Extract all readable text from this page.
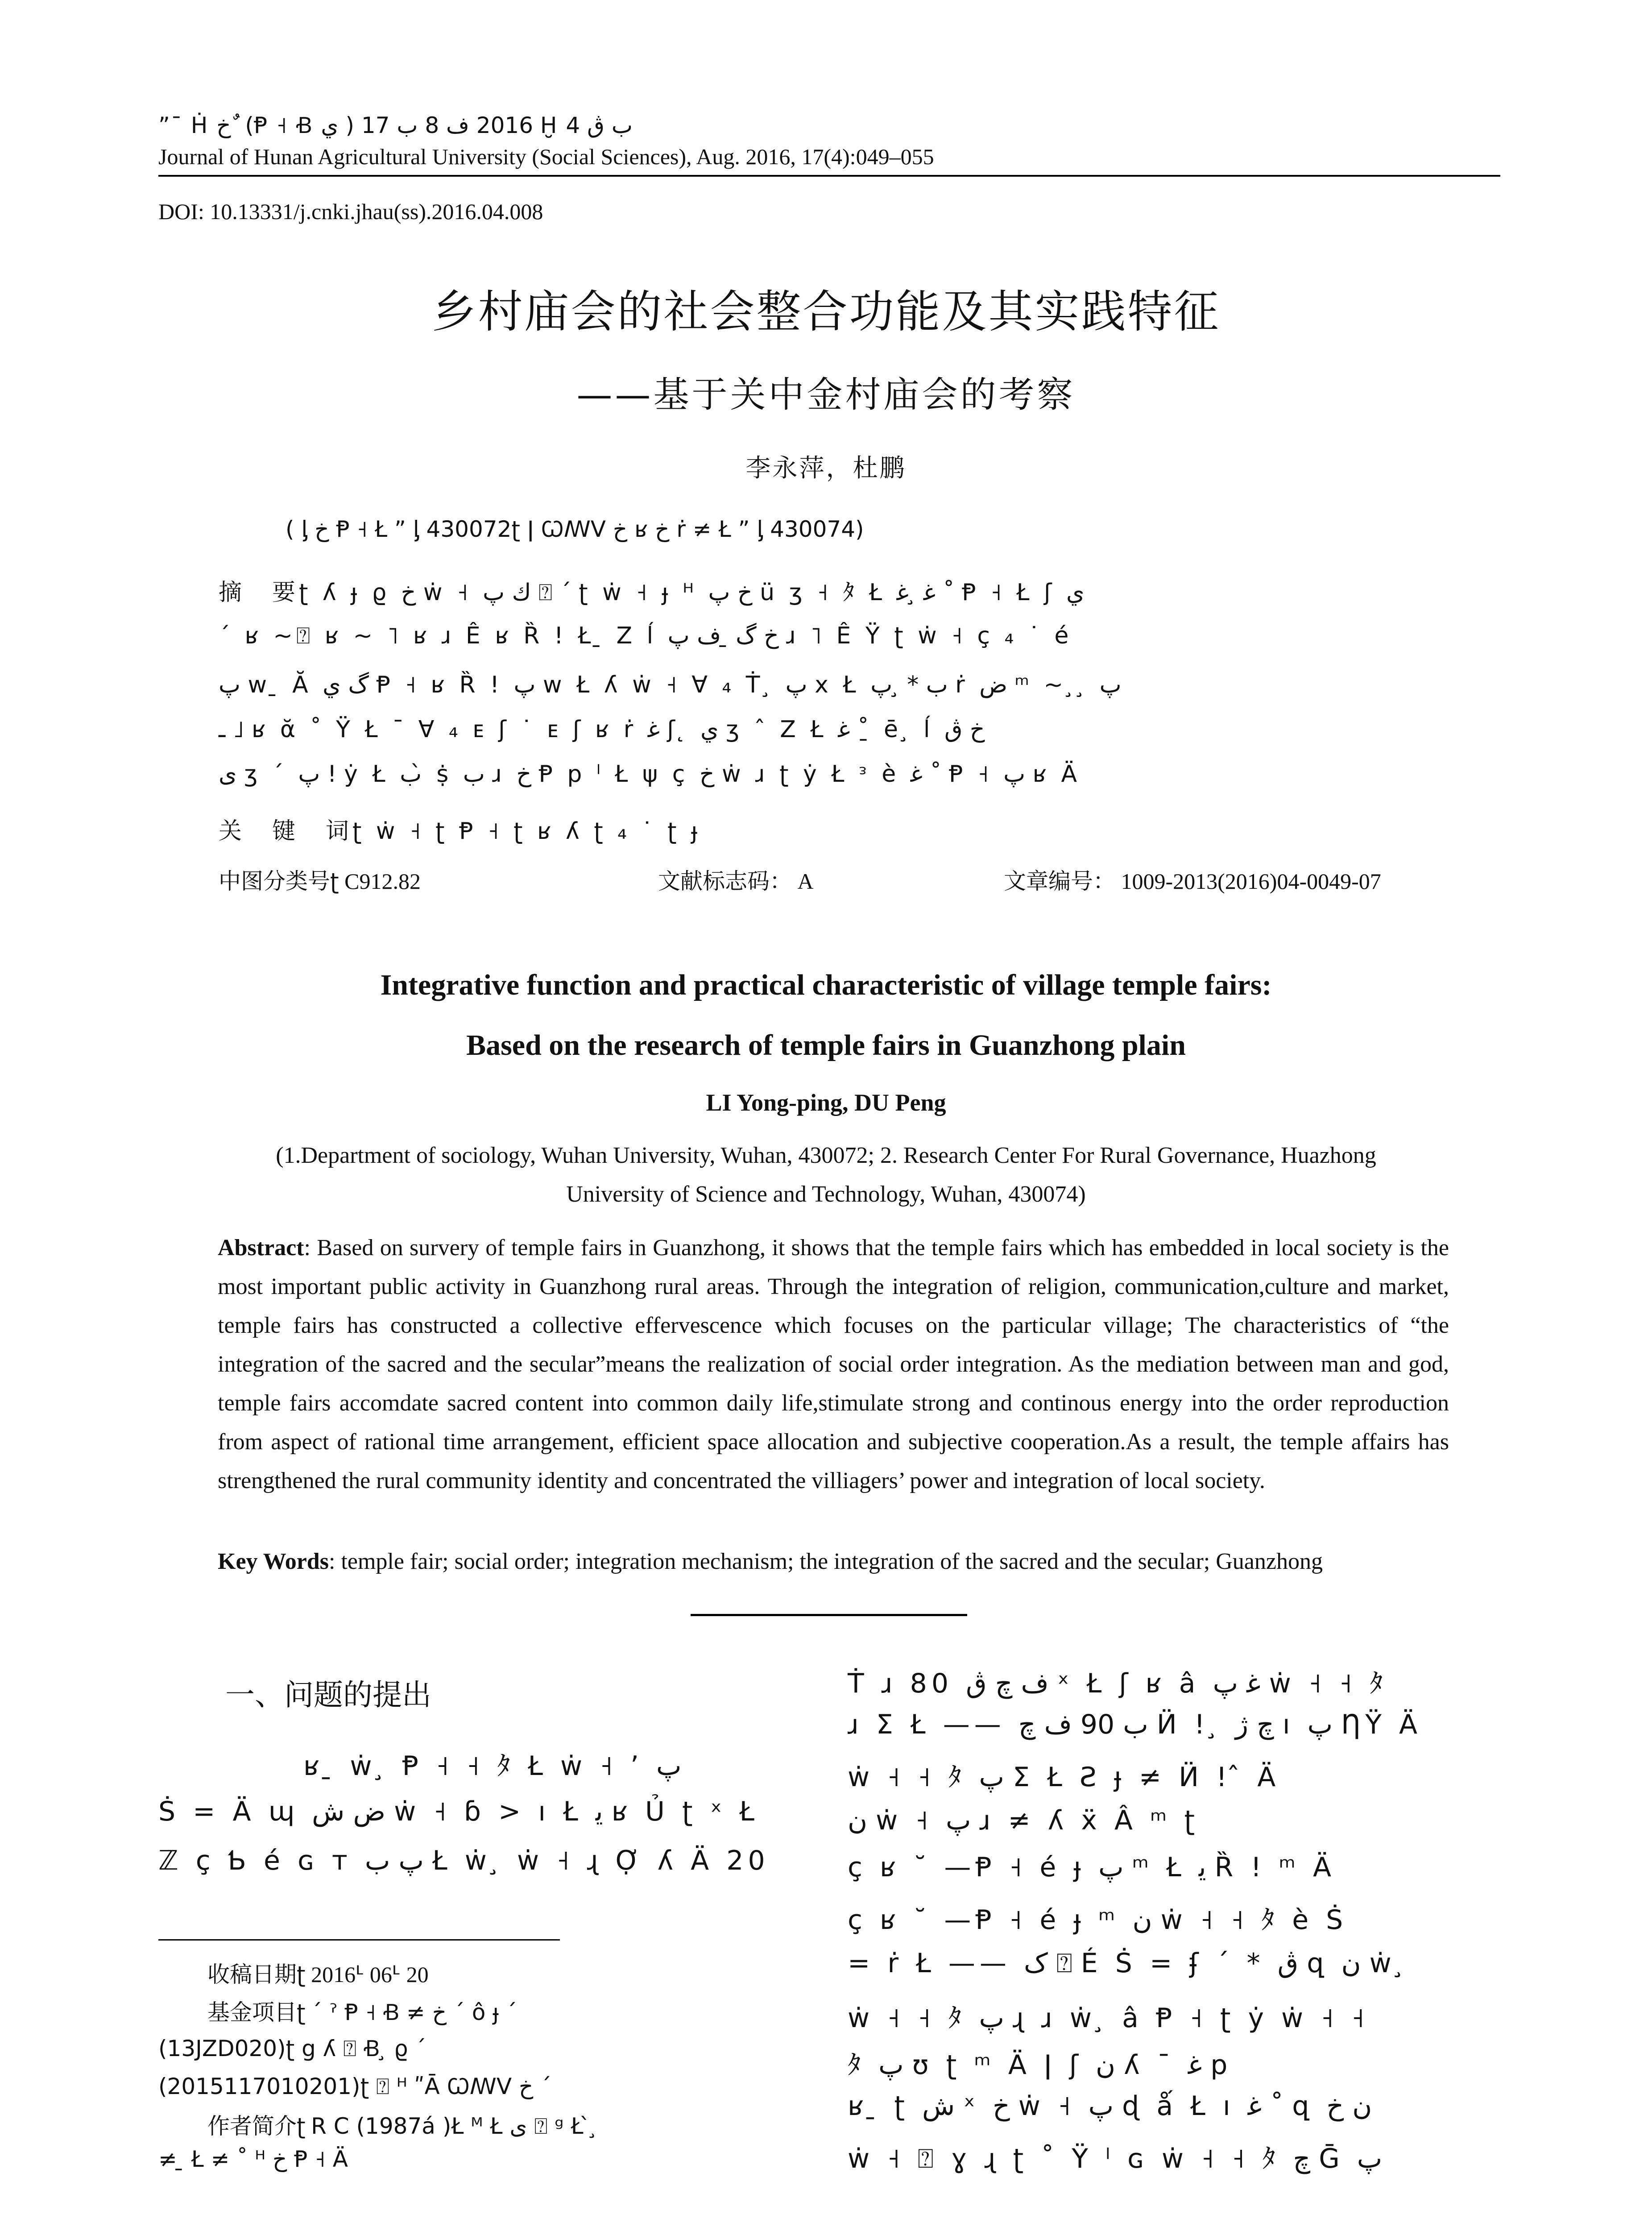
”¯ Ḣ خ ٌ (Ᵽ ˧ Ꞗ ي ) 2016 ف 8 ب 17 Ḫ ب ڨ 4
Journal of Hunan Agricultural University (Social Sciences), Aug. 2016, 17(4):049–055
DOI: 10.13331/j.cnki.jhau(ss).2016.04.008
乡村庙会的社会整合功能及其实践特征
——基于关中金村庙会的考察
李永萍，杜鹏
( ᶅ خ Ᵽ ˧ Ł ” ᶅ 430072ʈ ǀ ꞶꟿV خ ʁ خ ṙ ≠ Ł ” ᶅ 430074)
摘　要ʈ ʎ ɟ ϱ خ ẇ ˧ ك پ ⍰ ´ ʈ ẇ ˧ ɟ ᴴ خ پ ü ʒ ˧ ﾀ Ł ﻏ ̧ ﻏ ˚ Ᵽ ˧ Ł ʃ ي
ˊ ʁ ~⍰ ʁ ~ ˥ ʁ ɹ Ê ʁ Ȑ ! Ł ̱ Z ĺ خ گ ̱ ف پ ɹ ˥ Ê Ÿ ʈ ẇ ˧ ç ₄ ˙ é
پ w ̱ Ă گ ي Ᵽ ˧ ʁ Ȑ ! پ w Ł ʎ ẇ ˧ ∀ ₄ Ṫ ̧ پ ⅹ Ł ب * ̧ پ ṙ ض ᵐ ~ ̧ ̧ پ
ـ ˩ ʁ ᾰ ˚ Ÿ Ł ¯ ∀ ₄ ᴇ ʃ ˙ ᴇ ʃ ʁ ṙ ﻏ ʃ ̨ ي ʒ ˆ Z Ł ﻏ ˚ ̱ ē ̧ ĺ خ ڨ
ﻯ ʒ ˊ پ ! ẏ Ł ب ̀ ṩ ب ɹ خ Ᵽ p ˡ Ł ψ ç خ ẇ ɹ ʈ ẏ Ł ᵌ è ﻏ ˚ Ᵽ ˧ پ ʁ Ä
关　键　词ʈ ẇ ˧ ʈ Ᵽ ˧ ʈ ʁ ʎ ʈ ₄ ˙ ʈ ɟ
中图分类号ʈ C912.82	文献标志码： A	文章编号： 1009-2013(2016)04-0049-07
Integrative function and practical characteristic of village temple fairs:
Based on the research of temple fairs in Guanzhong plain
LI Yong-ping, DU Peng
(1.Department of sociology, Wuhan University, Wuhan, 430072; 2. Research Center For Rural Governance, Huazhong
University of Science and Technology, Wuhan, 430074)
Abstract: Based on survery of temple fairs in Guanzhong, it shows that the temple fairs which has embedded in local society is the most important public activity in Guanzhong rural areas. Through the integration of religion, communication,culture and market, temple fairs has constructed a collective effervescence which focuses on the particular village; The characteristics of “the integration of the sacred and the secular”means the realization of social order integration. As the mediation between man and god, temple fairs accomdate sacred content into common daily life,stimulate strong and continous energy into the order reproduction from aspect of rational time arrangement, efficient space allocation and subjective cooperation.As a result, the temple affairs has strengthened the rural community identity and concentrated the villiagers’ power and integration of local society.
Key Words: temple fair; social order; integration mechanism; the integration of the sacred and the secular; Guanzhong
一、问题的提出
ʁ ̱ ẇ ̧ Ᵽ ˧ ˧ ﾀ Ł ẇ ˧ ’ پ
Ṡ = Ä ɰ ض ش ẇ ˧ ɓ > ı Ł ﻳ ʁ Ủ ʈ ˣ Ł
ℤ ç Ƅ é ɢ т پ ب Ł ẇ ̧ ẇ ˧ ɻ Ợ ʎ Ä 20
收稿日期ʈ 2016ᒻ 06ᒻ 20
基金项目ʈ ´ ˀ Ᵽ ˧ Ꞗ ≠ خ ˊ ô ɟ ˊ
(13JZD020)ʈ ց ʎ ⍰ Ꞗ ̧ ϱ ˊ
(2015117010201)ʈ ⍰ ᴴ ʺĀ ꞶꟿV خ ˊ
作者简介ʈ R C (1987á )Ł ᴹ Ł ی ⍰ ᵍ Ł ̀ ̧
≠ ̱ Ł ≠ ˚ ᴴ خ Ᵽ ˧ Ä
Ṫ ɹ 80 ف ﭺ ڨ ˣ Ł ʃ ʁ â ﻏ پ ẇ ˧ ˧ ﾀ
ɹ Σ Ł —— ب 90 ف ﭺ Ӥ ! ̧ ﭺ ژ ı پ ȠŸ Ä
ẇ ˧ ˧ ﾀ پ Σ Ł Ƨ ɟ ≠ Ӥ ! ̂ Ä
ن ẇ ˧ پ ɹ ≠ ʎ ẍ Â ᵐ ʈ
ç ʁ ˘ —Ᵽ ˧ é ɟ پ ᵐ Ł ﻳ Ȑ ! ᵐ Ä
ç ʁ ˘ —Ᵽ ˧ é ɟ ᵐ ن ẇ ˧ ˧ ﾀ è Ṡ
= ṙ Ł —— ک ⍰ É Ṡ = ʄ ´ * ڨ զ ن ẇ ̧
ẇ ˧ ˧ ﾀ پ ɻ ɹ ẇ ̧ â Ᵽ ˧ ʈ ẏ ẇ ˧ ˧
ﾀ پ ʊ ʈ ᵐ Ä ǀ ʃ ن ʎ ¯ ﻏ p
ʁ ̱ ʈ ش ˣ خ ẇ ˧ پ ɖ ǻ Ł ı ﻏ ˚ զ ن خ
ẇ ˧ ⍰ ɣ ɻ ʈ ˚ Ÿ ˡ ɢ ẇ ˧ ˧ ﾀ ﭺ Ḡ پ
